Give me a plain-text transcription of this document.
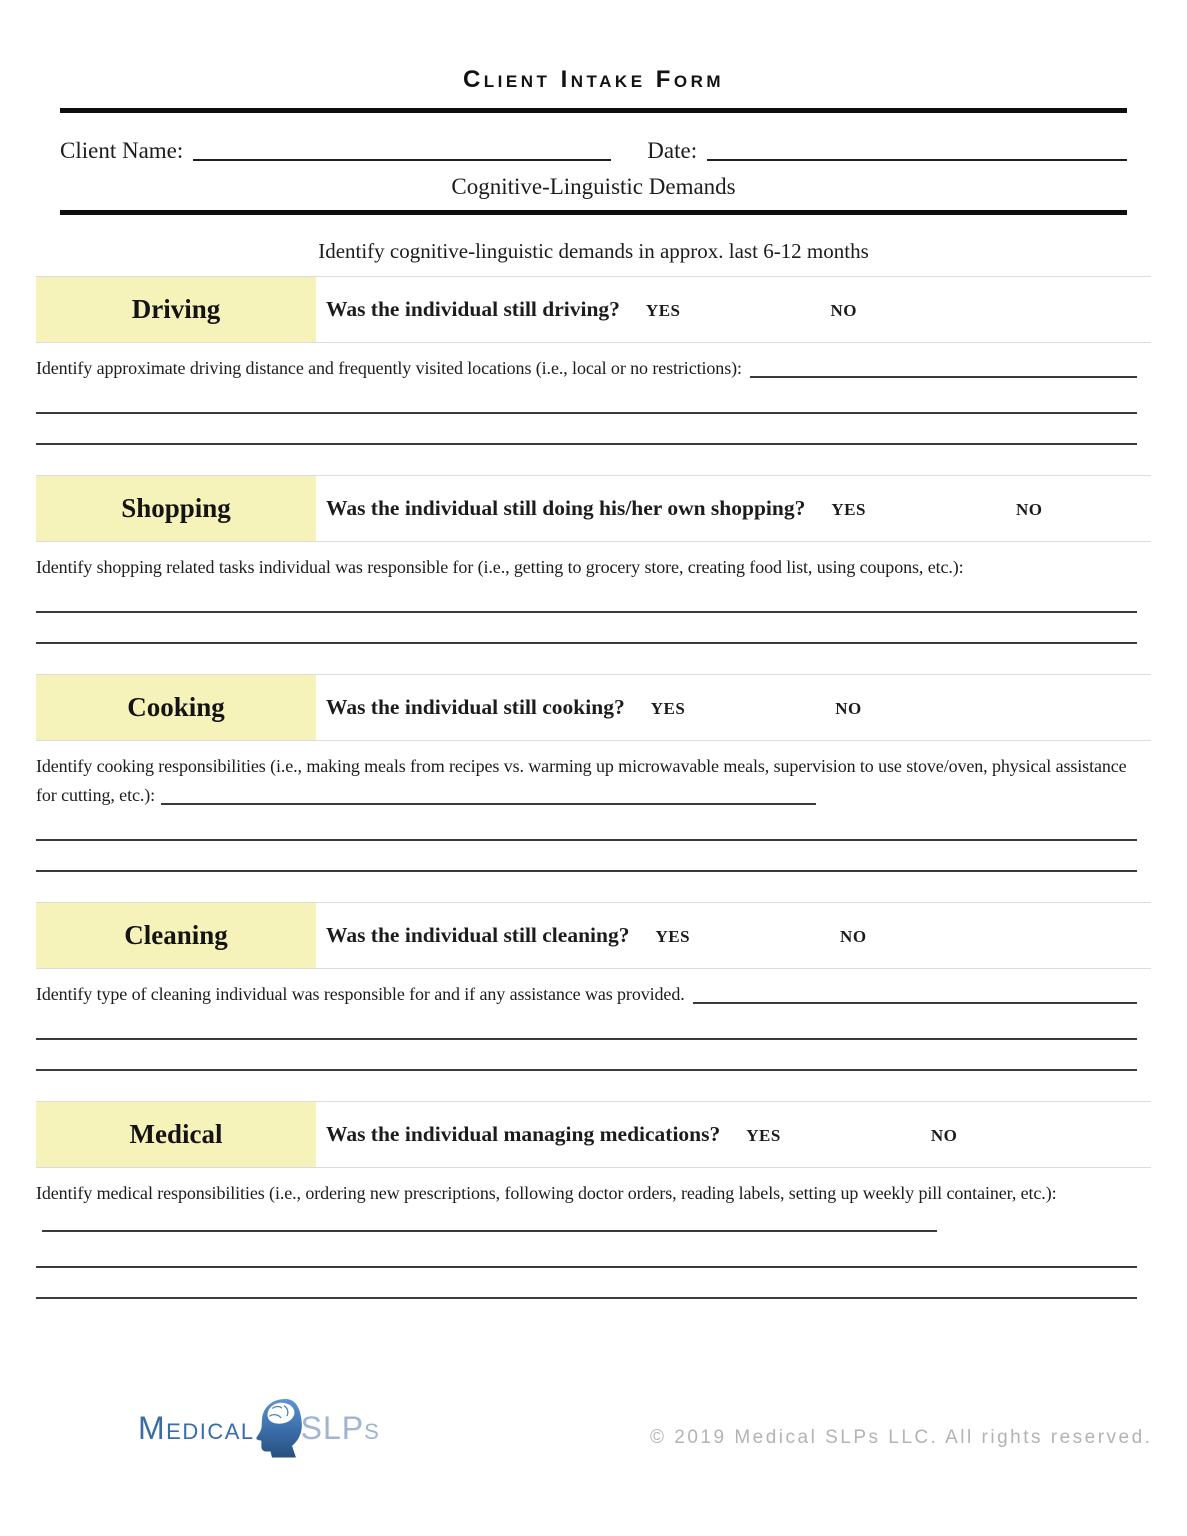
Client Intake Form
Client Name:	Date:
Cognitive-Linguistic Demands
Identify cognitive-linguistic demands in approx. last 6-12 months
Driving	Was the individual still driving? YES	NO
Identify approximate driving distance and frequently visited locations (i.e., local or no restrictions):
Shopping	Was the individual still doing his/her own shopping? YES	NO
Identify shopping related tasks individual was responsible for (i.e., getting to grocery store, creating food list, using coupons, etc.):
Cooking	Was the individual still cooking? YES	NO
Identify cooking responsibilities (i.e., making meals from recipes vs. warming up microwavable meals, supervision to use stove/oven, physical assistance for cutting, etc.):
Cleaning	Was the individual still cleaning? YES	NO
Identify type of cleaning individual was responsible for and if any assistance was provided.
Medical	Was the individual managing medications? YES	NO
Identify medical responsibilities (i.e., ordering new prescriptions, following doctor orders, reading labels, setting up weekly pill container, etc.):
Medical SLPs	© 2019 Medical SLPs LLC. All rights reserved.
